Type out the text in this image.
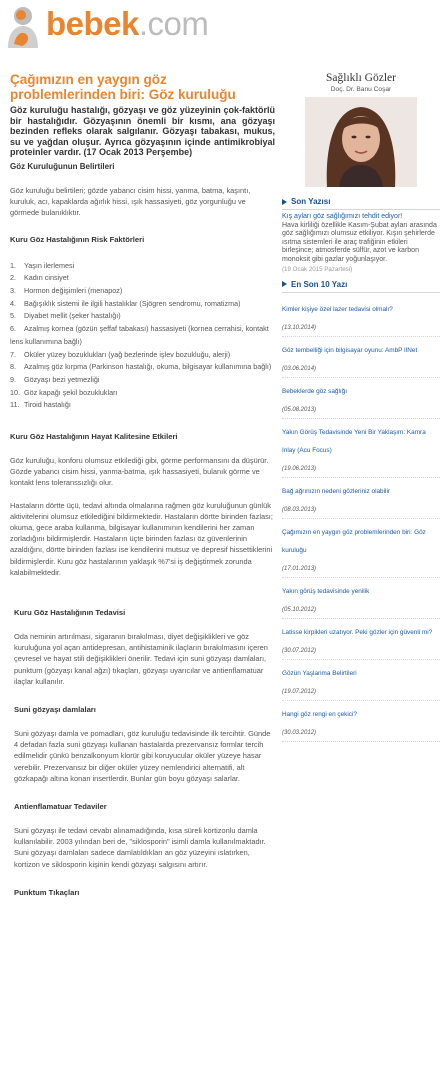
bebek.com
Çağımızın en yaygın göz problemlerinden biri: Göz kuruluğu
Göz kuruluğu hastalığı, gözyaşı ve göz yüzeyinin çok-faktörlü bir hastalığıdır. Gözyaşının önemli bir kısmı, ana gözyaşı bezinden refleks olarak salgılanır. Gözyaşı tabakası, mukus, su ve yağdan oluşur. Ayrıca gözyaşının içinde antimikrobiyal proteinler vardır. (17 Ocak 2013 Perşembe)
Göz Kuruluğunun Belirtileri
Göz kuruluğu belirtileri; gözde yabancı cisim hissi, yanma, batma, kaşıntı, kuruluk, acı, kapaklarda ağırlık hissi, ışık hassasiyeti, göz yorgunluğu ve görmede bulanıklıktır.
Kuru Göz Hastalığının Risk Faktörleri
1. Yaşın ilerlemesi
2. Kadın cinsiyet
3. Hormon değişimleri (menapoz)
4. Bağışıklık sistemi ile ilgili hastalıklar (Sjögren sendromu, romatizma)
5. Diyabet mellit (şeker hastalığı)
6. Azalmış kornea (gözün şeffaf tabakası) hassasiyeti (kornea cerrahisi, kontakt lens kullanımına bağlı)
7. Oküler yüzey bozuklukları (yağ bezlerinde işlev bozukluğu, alerji)
8. Azalmış göz kırpma (Parkinson hastalığı, okuma, bilgisayar kullanımına bağlı)
9. Gözyaşı bezi yetmezliği
10. Göz kapağı şekil bozuklukları
11. Tiroid hastalığı
Kuru Göz Hastalığının Hayat Kalitesine Etkileri
Göz kuruluğu, konforu olumsuz etkilediği gibi, görme performansını da düşürür. Gözde yabancı cisim hissi, yanma-batma, ışık hassasiyeti, bulanık görme ve kontakt lens toleranssızlığı olur.
Hastaların dörtte üçü, tedavi altında olmalarına rağmen göz kuruluğunun günlük aktivitelerini olumsuz etkilediğini bildirmektedir. Hastaların dörtte birinden fazlası; okuma, gece araba kullanma, bilgisayar kullanımının kendilerini her zaman zorladığını bildirmişlerdir. Hastaların üçte birinden fazlası öz güvenlerinin azaldığını, dörtte birinden fazlası ise kendilerini mutsuz ve depresif hissettiklerini bildirmişlerdir. Kuru göz hastalarının yaklaşık %7'si iş değiştirmek zorunda kalabilmektedir.
Kuru Göz Hastalığının Tedavisi
Oda neminin artırılması, sigaranın bırakılması, diyet değişiklikleri ve göz kuruluğuna yol açan antidepresan, antihistaminik ilaçların bırakılmasını içeren çevresel ve hayat stili değişiklikleri önerilir. Tedavi için suni gözyaşı damlaları, punktum (gözyaşı kanal ağzı) tıkaçları, gözyaşı uyarıcılar ve antienflamatuar ilaçlar kullanılır.
Suni gözyaşı damlaları
Suni gözyaşı damla ve pomadları, göz kuruluğu tedavisinde ilk tercihtir. Günde 4 defadan fazla suni gözyaşı kullanan hastalarda prezervansız formlar tercih edilmelidir çünkü benzalkonyum klorür gibi koruyucular oküler yüzeye hasar verebilir. Prezervansız bir diğer oküler yüzey nemlendirici alternatifi, alt gözkapağı altına konan insertlerdir. Bunlar gün boyu gözyaşı salarlar.
Antienflamatuar Tedaviler
Suni gözyaşı ile tedavi cevabı alınamadığında, kısa süreli kortizonlu damla kullanılabilir. 2003 yılından beri de, "siklosporin" isimli damla kullanılmaktadır. Suni gözyaşı damlaları sadece damlatıldıkları an göz yüzeyini ıslatırken, kortizon ve siklosporin kişinin kendi gözyaşı salgısını artırır.
Punktum Tıkaçları
Sağlıklı Gözler
Doç. Dr. Banu Coşar
Son Yazısı
Kış ayları göz sağlığımızı tehdit ediyor!
Hava kirliliği özellikle Kasım-Şubat ayları arasında göz sağlığımızı olumsuz etkiliyor. Kışın şehirlerde ısıtma sistemleri ile araç trafiğinin etkileri birleşince; atmosferde sülfür, azot ve karbon monoksit gibi gazlar yoğunlaşıyor.
(19 Ocak 2015 Pazartesi)
En Son 10 Yazı
Kimler kişiye özel lazer tedavisi olmalı?
(13.10.2014)
Göz tembelliği için bilgisayar oyunu: AmbP lINet
(03.06.2014)
Bebeklerde göz sağlığı
(05.08.2013)
Yakın Görüş Tedavisinde Yeni Bir Yaklaşım: Kamra Inlay (Acu Focus)
(19.06.2013)
Bağ ağrınızın nedeni gözleriniz olabilir
(08.03.2013)
Çağımızın en yaygın göz problemlerinden biri: Göz kuruluğu
(17.01.2013)
Yakın görüş tedavisinde yenilik
(05.10.2012)
Latisse kirpikleri uzatıyor. Peki gözler için güvenli mi?
(30.07.2012)
Gözün Yaşlanma Belirtileri
(19.07.2012)
Hangi göz rengi en çekici?
(30.03.2012)
